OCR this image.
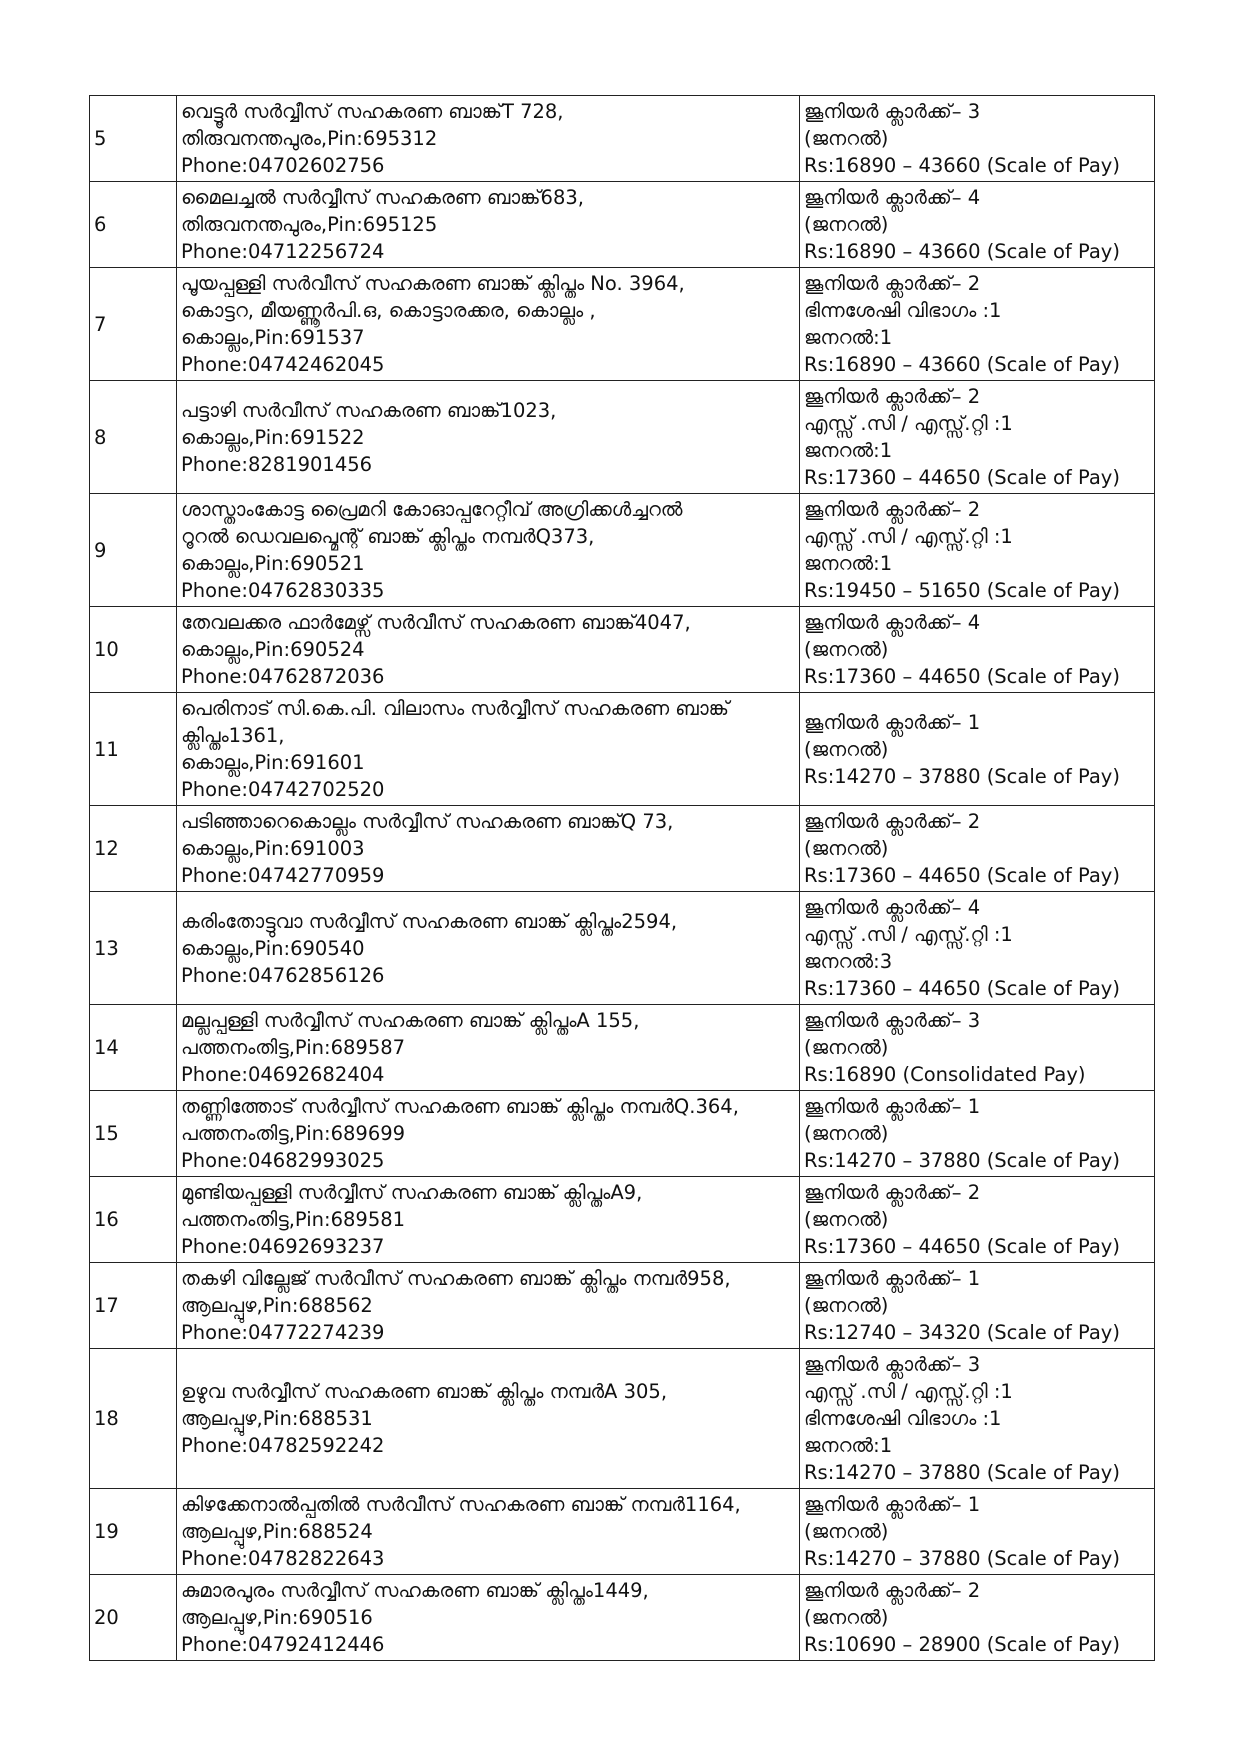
5	വെട്ടൂർ സർവ്വീസ് സഹകരണ ബാങ്ക്T 728,
തിരുവനന്തപുരം,Pin:695312
Phone:04702602756	ജൂനിയർ ക്ലാർക്ക്– 3
(ജനറൽ)
Rs:16890 – 43660 (Scale of Pay)

6	മൈലച്ചൽ സർവ്വീസ് സഹകരണ ബാങ്ക്683,
തിരുവനന്തപുരം,Pin:695125
Phone:04712256724	ജൂനിയർ ക്ലാർക്ക്– 4
(ജനറൽ)
Rs:16890 – 43660 (Scale of Pay)

7	പൂയപ്പള്ളി സർവീസ് സഹകരണ ബാങ്ക് ക്ലിപ്തം No. 3964,
കൊട്ടറ, മീയണ്ണൂർപി.ഒ, കൊട്ടാരക്കര, കൊല്ലം ,
കൊല്ലം,Pin:691537
Phone:04742462045	ജൂനിയർ ക്ലാർക്ക്– 2
ഭിന്നശേഷി വിഭാഗം :1
ജനറൽ:1
Rs:16890 – 43660 (Scale of Pay)

8	പട്ടാഴി സർവീസ് സഹകരണ ബാങ്ക്1023,
കൊല്ലം,Pin:691522
Phone:8281901456	ജൂനിയർ ക്ലാർക്ക്– 2
എസ്സ് .സി / എസ്സ്.റ്റി :1
ജനറൽ:1
Rs:17360 – 44650 (Scale of Pay)

9	ശാസ്താംകോട്ട പ്രൈമറി കോഓപ്പറേറ്റീവ് അഗ്രിക്കൾച്ചറൽ
റൂറൽ ഡെവലപ്മെന്റ് ബാങ്ക് ക്ലിപ്തം നമ്പർQ373,
കൊല്ലം,Pin:690521
Phone:04762830335	ജൂനിയർ ക്ലാർക്ക്– 2
എസ്സ് .സി / എസ്സ്.റ്റി :1
ജനറൽ:1
Rs:19450 – 51650 (Scale of Pay)

10	തേവലക്കര ഫാർമേഴ്സ് സർവീസ് സഹകരണ ബാങ്ക്4047,
കൊല്ലം,Pin:690524
Phone:04762872036	ജൂനിയർ ക്ലാർക്ക്– 4
(ജനറൽ)
Rs:17360 – 44650 (Scale of Pay)

11	പെരിനാട് സി.കെ.പി. വിലാസം സർവ്വീസ് സഹകരണ ബാങ്ക്
ക്ലിപ്തം1361,
കൊല്ലം,Pin:691601
Phone:04742702520	ജൂനിയർ ക്ലാർക്ക്– 1
(ജനറൽ)
Rs:14270 – 37880 (Scale of Pay)

12	പടിഞ്ഞാറെകൊല്ലം സർവ്വീസ് സഹകരണ ബാങ്ക്Q 73,
കൊല്ലം,Pin:691003
Phone:04742770959	ജൂനിയർ ക്ലാർക്ക്– 2
(ജനറൽ)
Rs:17360 – 44650 (Scale of Pay)

13	കരിംതോട്ടുവാ സർവ്വീസ് സഹകരണ ബാങ്ക് ക്ലിപ്തം2594,
കൊല്ലം,Pin:690540
Phone:04762856126	ജൂനിയർ ക്ലാർക്ക്– 4
എസ്സ് .സി / എസ്സ്.റ്റി :1
ജനറൽ:3
Rs:17360 – 44650 (Scale of Pay)

14	മല്ലപ്പള്ളി സർവ്വീസ് സഹകരണ ബാങ്ക് ക്ലിപ്തംA 155,
പത്തനംതിട്ട,Pin:689587
Phone:04692682404	ജൂനിയർ ക്ലാർക്ക്– 3
(ജനറൽ)
Rs:16890 (Consolidated Pay)

15	തണ്ണിത്തോട് സർവ്വീസ് സഹകരണ ബാങ്ക് ക്ലിപ്തം നമ്പർQ.364,
പത്തനംതിട്ട,Pin:689699
Phone:04682993025	ജൂനിയർ ക്ലാർക്ക്– 1
(ജനറൽ)
Rs:14270 – 37880 (Scale of Pay)

16	മുണ്ടിയപ്പള്ളി സർവ്വീസ് സഹകരണ ബാങ്ക് ക്ലിപ്തംA9,
പത്തനംതിട്ട,Pin:689581
Phone:04692693237	ജൂനിയർ ക്ലാർക്ക്– 2
(ജനറൽ)
Rs:17360 – 44650 (Scale of Pay)

17	തകഴി വില്ലേജ് സർവീസ് സഹകരണ ബാങ്ക് ക്ലിപ്തം നമ്പർ958,
ആലപ്പുഴ,Pin:688562
Phone:04772274239	ജൂനിയർ ക്ലാർക്ക്– 1
(ജനറൽ)
Rs:12740 – 34320 (Scale of Pay)

18	ഉഴുവ സർവ്വീസ് സഹകരണ ബാങ്ക് ക്ലിപ്തം നമ്പർA 305,
ആലപ്പുഴ,Pin:688531
Phone:04782592242	ജൂനിയർ ക്ലാർക്ക്– 3
എസ്സ് .സി / എസ്സ്.റ്റി :1
ഭിന്നശേഷി വിഭാഗം :1
ജനറൽ:1
Rs:14270 – 37880 (Scale of Pay)

19	കിഴക്കേനാൽപ്പതിൽ സർവീസ് സഹകരണ ബാങ്ക് നമ്പർ1164,
ആലപ്പുഴ,Pin:688524
Phone:04782822643	ജൂനിയർ ക്ലാർക്ക്– 1
(ജനറൽ)
Rs:14270 – 37880 (Scale of Pay)

20	കുമാരപുരം സർവ്വീസ് സഹകരണ ബാങ്ക് ക്ലിപ്തം1449,
ആലപ്പുഴ,Pin:690516
Phone:04792412446	ജൂനിയർ ക്ലാർക്ക്– 2
(ജനറൽ)
Rs:10690 – 28900 (Scale of Pay)
